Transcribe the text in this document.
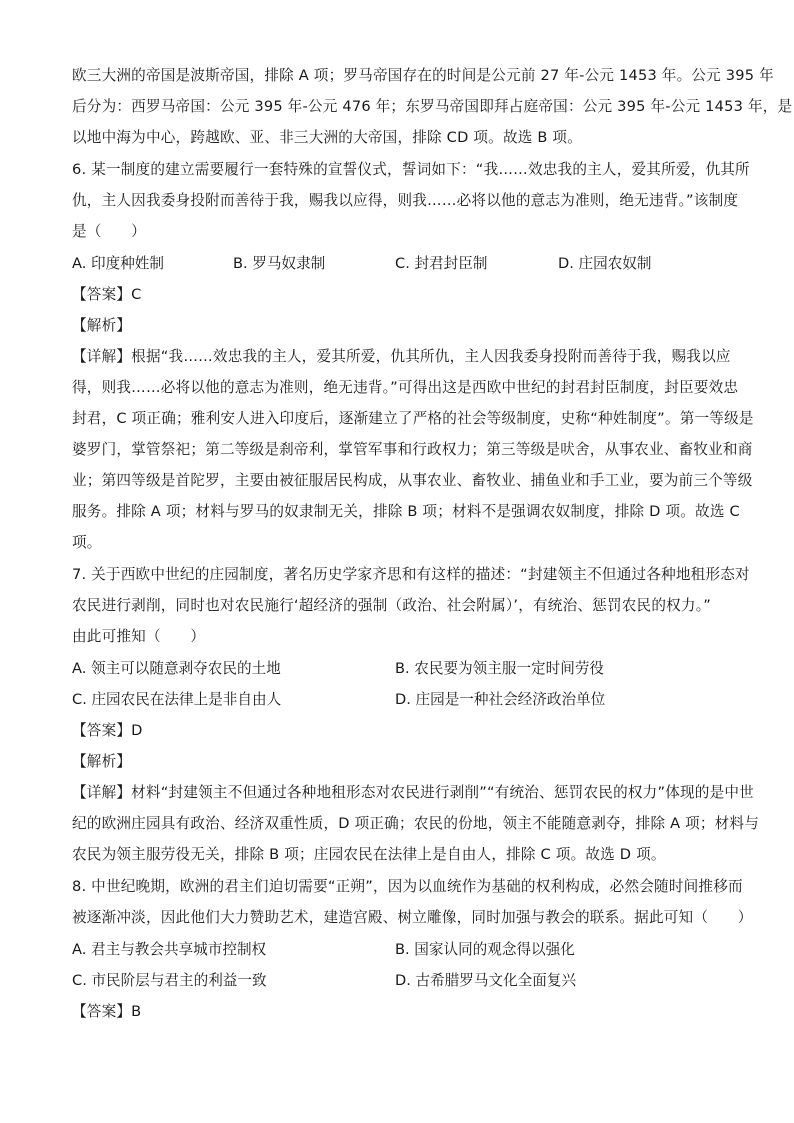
欧三大洲的帝国是波斯帝国，排除 A 项；罗马帝国存在的时间是公元前 27 年-公元 1453 年。公元 395 年
后分为：西罗马帝国：公元 395 年-公元 476 年；东罗马帝国即拜占庭帝国：公元 395 年-公元 1453 年，是
以地中海为中心，跨越欧、亚、非三大洲的大帝国，排除 CD 项。故选 B 项。
6. 某一制度的建立需要履行一套特殊的宣誓仪式，誓词如下：“我……效忠我的主人，爱其所爱，仇其所
仇，主人因我委身投附而善待于我，赐我以应得，则我……必将以他的意志为准则，绝无违背。”该制度
是（　　）
A. 印度种姓制	B. 罗马奴隶制	C. 封君封臣制	D. 庄园农奴制
【答案】C
【解析】
【详解】根据“我……效忠我的主人，爱其所爱，仇其所仇，主人因我委身投附而善待于我，赐我以应
得，则我……必将以他的意志为准则，绝无违背。”可得出这是西欧中世纪的封君封臣制度，封臣要效忠
封君，C 项正确；雅利安人进入印度后，逐渐建立了严格的社会等级制度，史称“种姓制度”。第一等级是
婆罗门，掌管祭祀；第二等级是刹帝利，掌管军事和行政权力；第三等级是吠舍，从事农业、畜牧业和商
业；第四等级是首陀罗，主要由被征服居民构成，从事农业、畜牧业、捕鱼业和手工业，要为前三个等级
服务。排除 A 项；材料与罗马的奴隶制无关，排除 B 项；材料不是强调农奴制度，排除 D 项。故选 C
项。
7. 关于西欧中世纪的庄园制度，著名历史学家齐思和有这样的描述：“封建领主不但通过各种地租形态对
农民进行剥削，同时也对农民施行‘超经济的强制（政治、社会附属）’，有统治、惩罚农民的权力。”
由此可推知（　　）
A. 领主可以随意剥夺农民的土地	B. 农民要为领主服一定时间劳役
C. 庄园农民在法律上是非自由人	D. 庄园是一种社会经济政治单位
【答案】D
【解析】
【详解】材料“封建领主不但通过各种地租形态对农民进行剥削”“有统治、惩罚农民的权力”体现的是中世
纪的欧洲庄园具有政治、经济双重性质，D 项正确；农民的份地，领主不能随意剥夺，排除 A 项；材料与
农民为领主服劳役无关，排除 B 项；庄园农民在法律上是自由人，排除 C 项。故选 D 项。
8. 中世纪晚期，欧洲的君主们迫切需要“正朔”，因为以血统作为基础的权利构成，必然会随时间推移而
被逐渐冲淡，因此他们大力赞助艺术，建造宫殿、树立雕像，同时加强与教会的联系。据此可知（　　）
A. 君主与教会共享城市控制权	B. 国家认同的观念得以强化
C. 市民阶层与君主的利益一致	D. 古希腊罗马文化全面复兴
【答案】B
